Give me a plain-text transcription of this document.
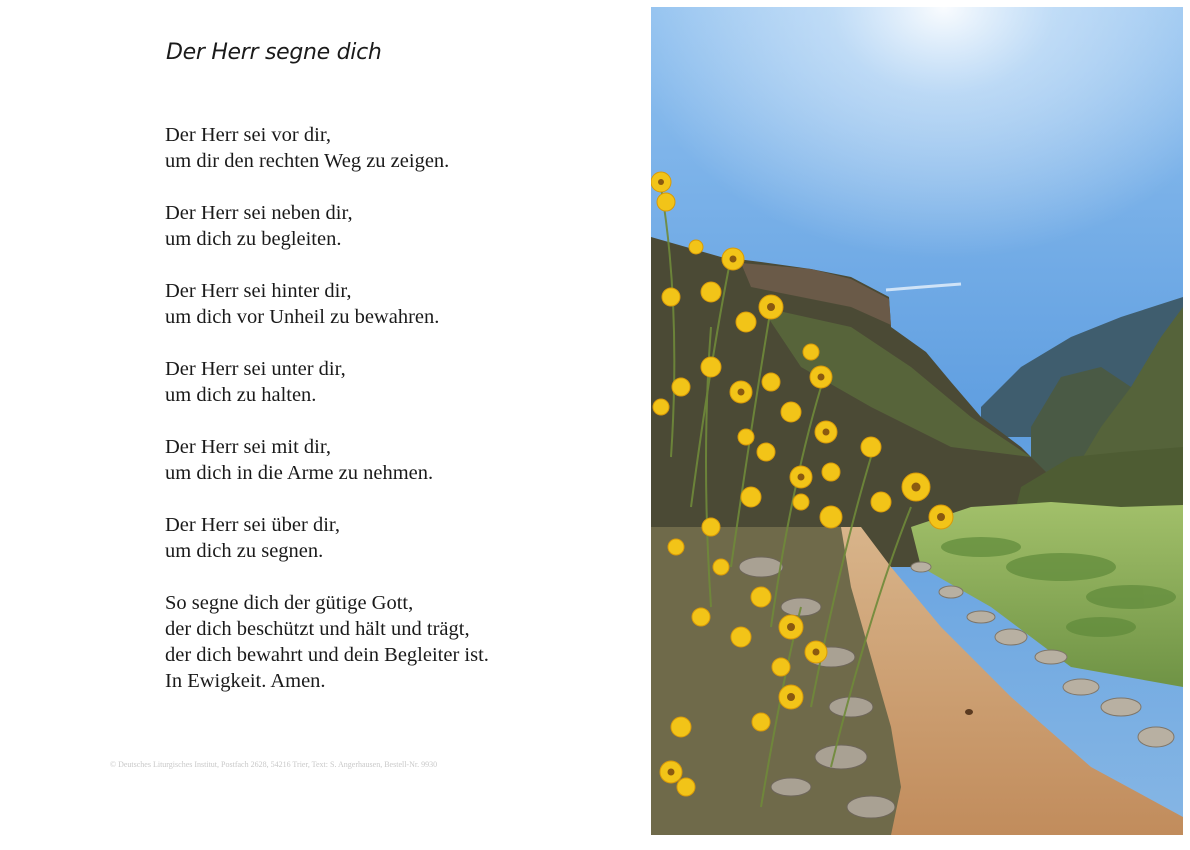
Der Herr segne dich
Der Herr sei vor dir,
um dir den rechten Weg zu zeigen.
Der Herr sei neben dir,
um dich zu begleiten.
Der Herr sei hinter dir,
um dich vor Unheil zu bewahren.
Der Herr sei unter dir,
um dich zu halten.
Der Herr sei mit dir,
um dich in die Arme zu nehmen.
Der Herr sei über dir,
um dich zu segnen.
So segne dich der gütige Gott,
der dich beschützt und hält und trägt,
der dich bewahrt und dein Begleiter ist.
In Ewigkeit. Amen.
© Deutsches Liturgisches Institut, Postfach 2628, 54216 Trier, Text: S. Angerhausen, Bestell-Nr. 9930
